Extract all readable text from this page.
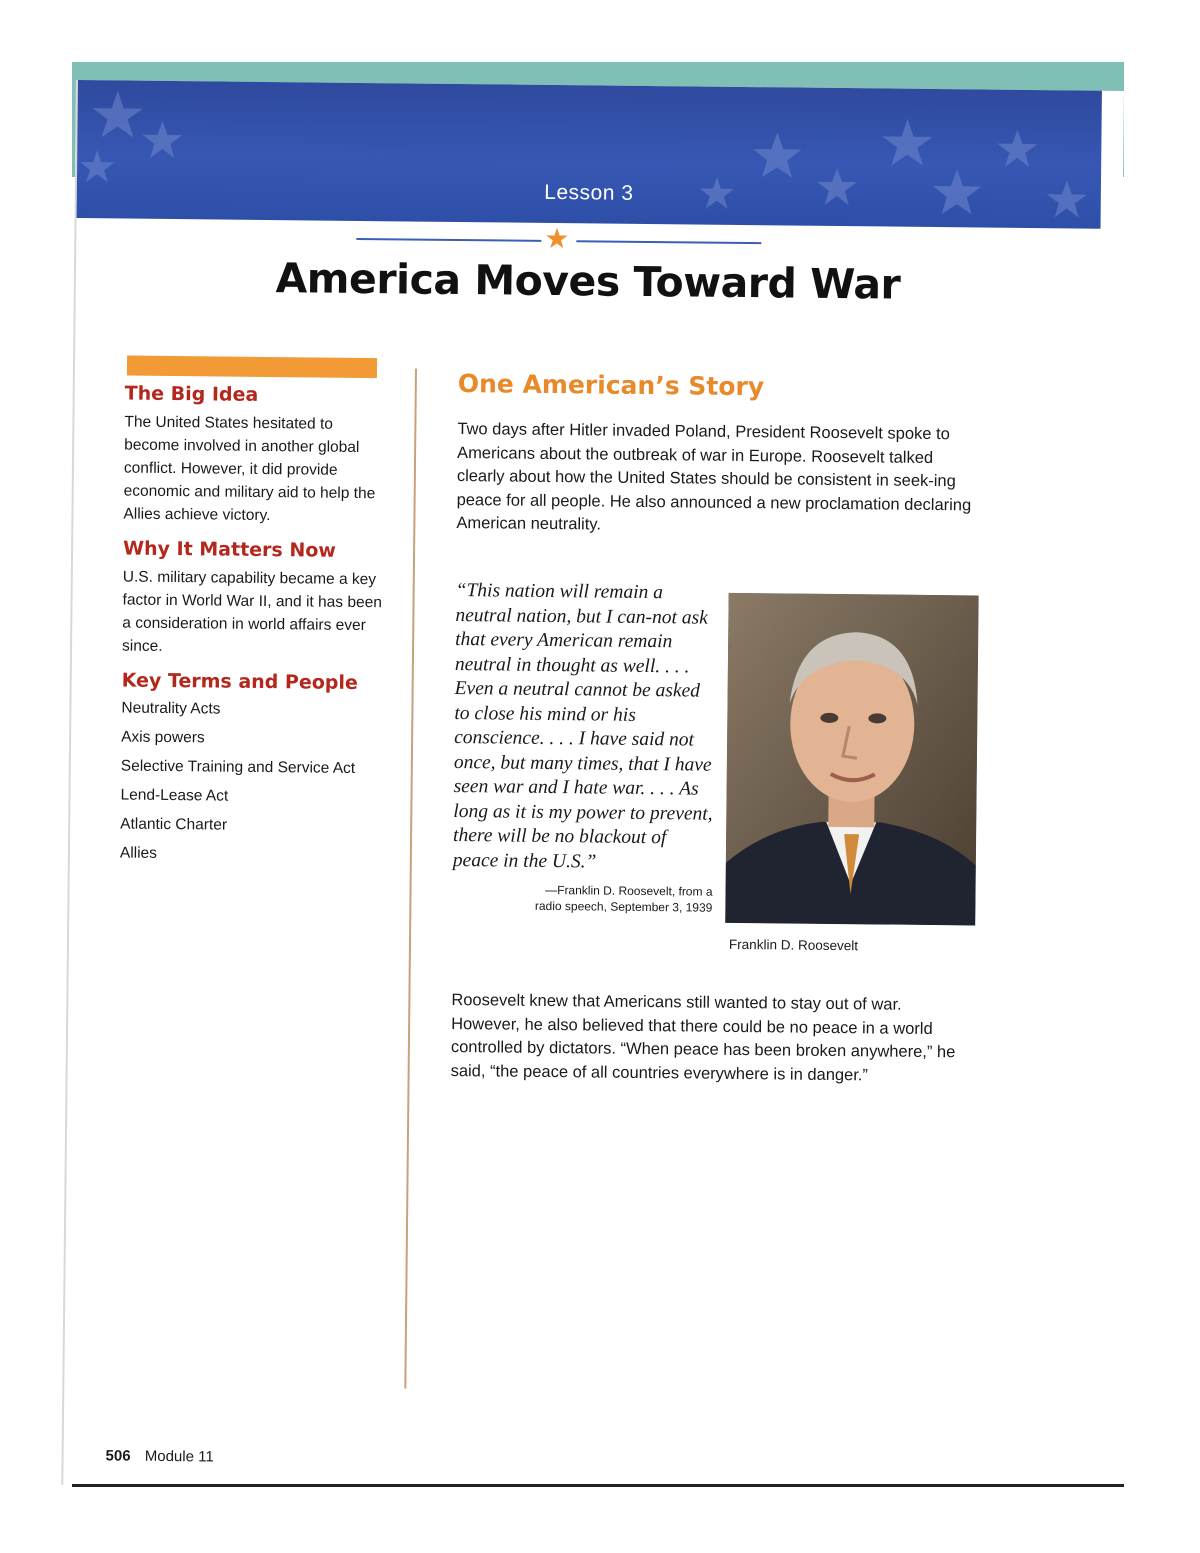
Lesson 3
★
America Moves Toward War
The Big Idea

The United States hesitated to become involved in another global conflict. However, it did provide economic and military aid to help the Allies achieve victory.

Why It Matters Now

U.S. military capability became a key factor in World War II, and it has been a consideration in world affairs ever since.

Key Terms and People
Neutrality Acts
Axis powers
Selective Training and Service Act
Lend-Lease Act
Atlantic Charter
Allies
One American’s Story

Two days after Hitler invaded Poland, President Roosevelt spoke to Americans about the outbreak of war in Europe. Roosevelt talked clearly about how the United States should be consistent in seek-ing peace for all people. He also announced a new proclamation declaring American neutrality.

“This nation will remain a neutral nation, but I can-not ask that every American remain neutral in thought as well. . . . Even a neutral cannot be asked to close his mind or his conscience. . . . I have said not once, but many times, that I have seen war and I hate war. . . . As long as it is my power to prevent, there will be no blackout of peace in the U.S.”

—Franklin D. Roosevelt, from a
radio speech, September 3, 1939
Franklin D. Roosevelt

Roosevelt knew that Americans still wanted to stay out of war. However, he also believed that there could be no peace in a world controlled by dictators. “When peace has been broken anywhere,” he said, “the peace of all countries everywhere is in danger.”

506 Module 11
